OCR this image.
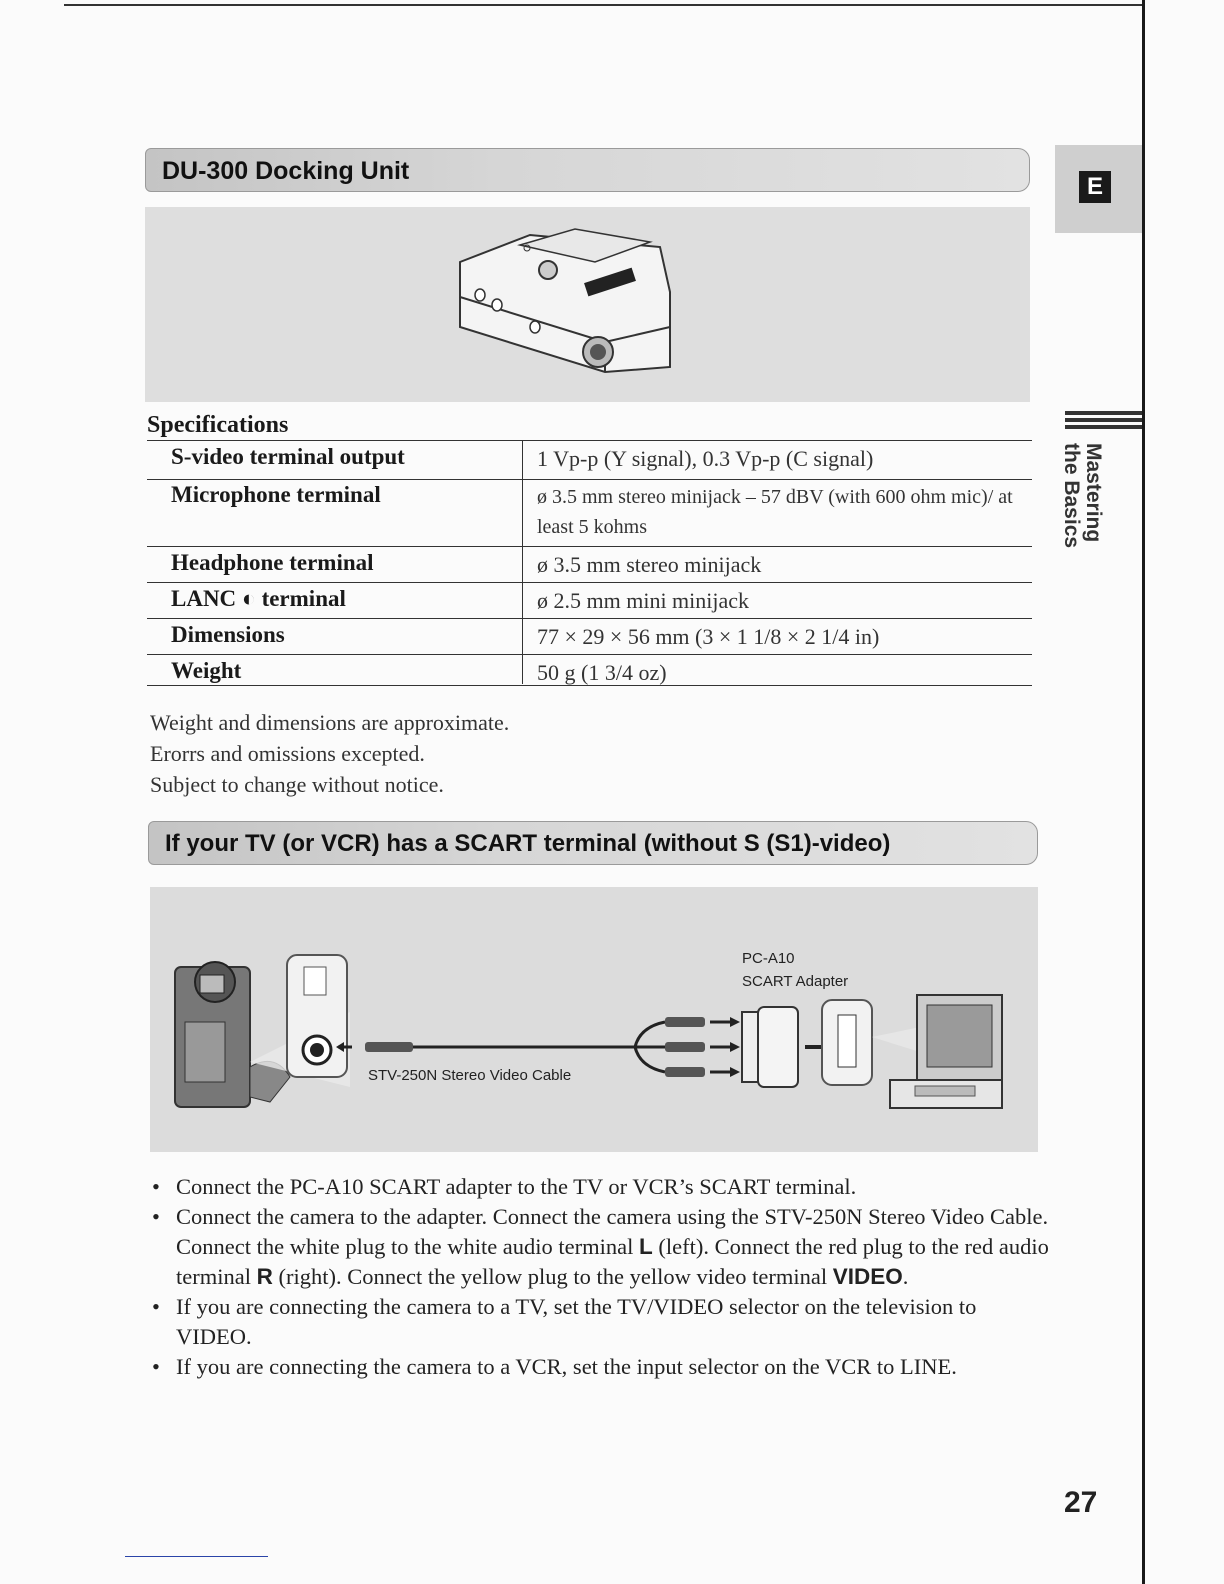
E
Mastering
the Basics
DU-300 Docking Unit
Specifications
S-video terminal output	1 Vp-p (Y signal), 0.3 Vp-p (C signal)
Microphone terminal	ø 3.5 mm stereo minijack – 57 dBV (with 600 ohm mic)/ at least 5 kohms
Headphone terminal	ø 3.5 mm stereo minijack
LANC ◐ terminal	ø 2.5 mm mini minijack
Dimensions	77 × 29 × 56 mm (3 × 1 1/8 × 2 1/4 in)
Weight	50 g (1 3/4 oz)
Weight and dimensions are approximate.
Erorrs and omissions excepted.
Subject to change without notice.
If your TV (or VCR) has a SCART terminal (without S (S1)-video)
PC-A10
SCART Adapter
STV-250N Stereo Video Cable
• Connect the PC-A10 SCART adapter to the TV or VCR’s SCART terminal.
• Connect the camera to the adapter. Connect the camera using the STV-250N Stereo Video Cable. Connect the white plug to the white audio terminal L (left). Connect the red plug to the red audio terminal R (right). Connect the yellow plug to the yellow video terminal VIDEO.
• If you are connecting the camera to a TV, set the TV/VIDEO selector on the television to VIDEO.
• If you are connecting the camera to a VCR, set the input selector on the VCR to LINE.
27
